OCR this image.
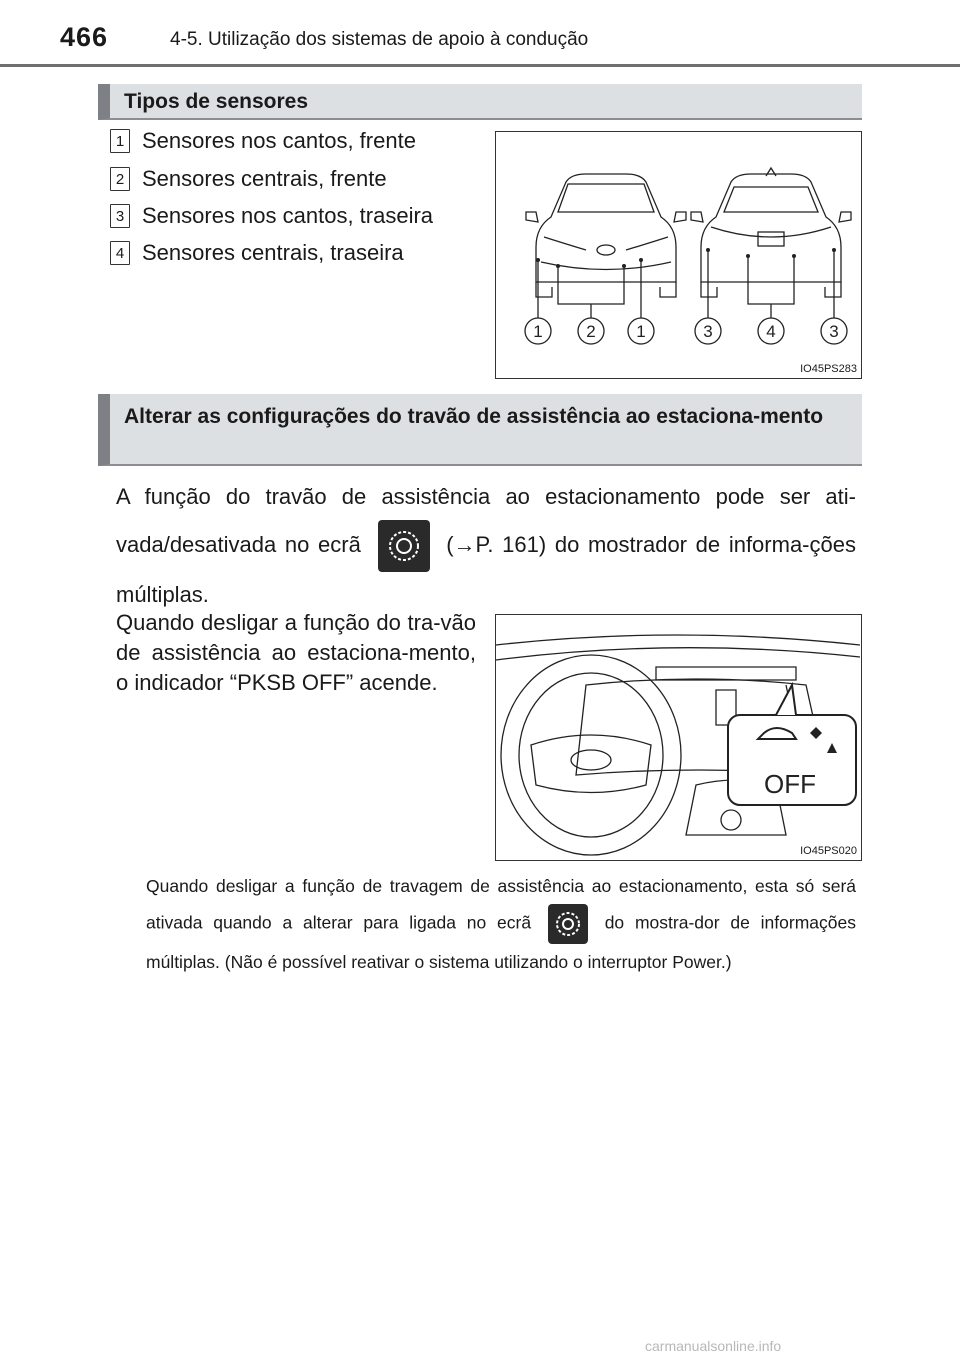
466	4-5. Utilização dos sistemas de apoio à condução
Tipos de sensores
1 Sensores nos cantos, frente
2 Sensores centrais, frente
3 Sensores nos cantos, traseira
4 Sensores centrais, traseira
1	2 1	3	4	3
IO45PS283
Alterar as configurações do travão de assistência ao estaciona-mento
A função do travão de assistência ao estacionamento pode ser ati-vada/desativada no ecrã	(→P. 161) do mostrador de informa-ções múltiplas.
Quando desligar a função do tra-vão de assistência ao estaciona-mento, o indicador “PKSB OFF” acende.
OFF
IO45PS020
Quando desligar a função de travagem de assistência ao estacionamento, esta só será ativada quando a alterar para ligada no ecrã	do mostra-dor de informações múltiplas. (Não é possível reativar o sistema utilizando o interruptor Power.)
carmanualsonline.info
